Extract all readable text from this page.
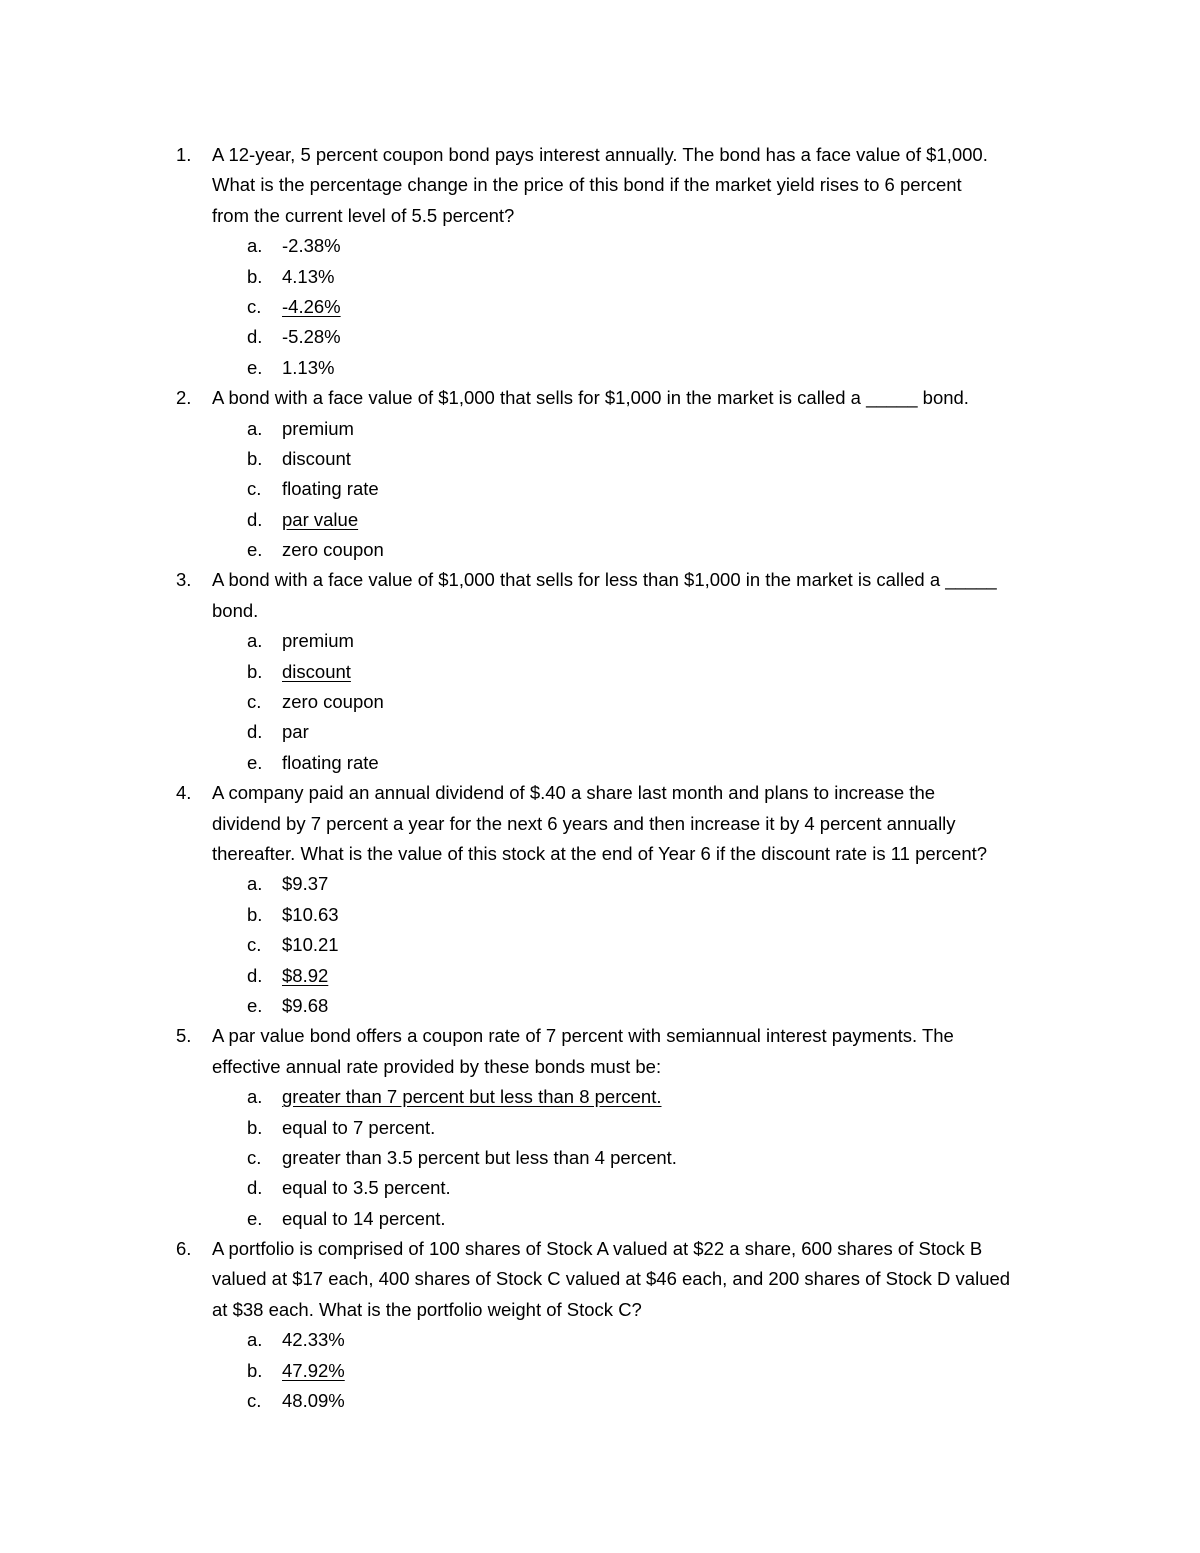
1. A 12-year, 5 percent coupon bond pays interest annually. The bond has a face value of $1,000.
What is the percentage change in the price of this bond if the market yield rises to 6 percent
from the current level of 5.5 percent?
a. -2.38%
b. 4.13%
c. -4.26%
d. -5.28%
e. 1.13%
2. A bond with a face value of $1,000 that sells for $1,000 in the market is called a _____ bond.
a. premium
b. discount
c. floating rate
d. par value
e. zero coupon
3. A bond with a face value of $1,000 that sells for less than $1,000 in the market is called a _____
bond.
a. premium
b. discount
c. zero coupon
d. par
e. floating rate
4. A company paid an annual dividend of $.40 a share last month and plans to increase the
dividend by 7 percent a year for the next 6 years and then increase it by 4 percent annually
thereafter. What is the value of this stock at the end of Year 6 if the discount rate is 11 percent?
a. $9.37
b. $10.63
c. $10.21
d. $8.92
e. $9.68
5. A par value bond offers a coupon rate of 7 percent with semiannual interest payments. The
effective annual rate provided by these bonds must be:
a. greater than 7 percent but less than 8 percent.
b. equal to 7 percent.
c. greater than 3.5 percent but less than 4 percent.
d. equal to 3.5 percent.
e. equal to 14 percent.
6. A portfolio is comprised of 100 shares of Stock A valued at $22 a share, 600 shares of Stock B
valued at $17 each, 400 shares of Stock C valued at $46 each, and 200 shares of Stock D valued
at $38 each. What is the portfolio weight of Stock C?
a. 42.33%
b. 47.92%
c. 48.09%
